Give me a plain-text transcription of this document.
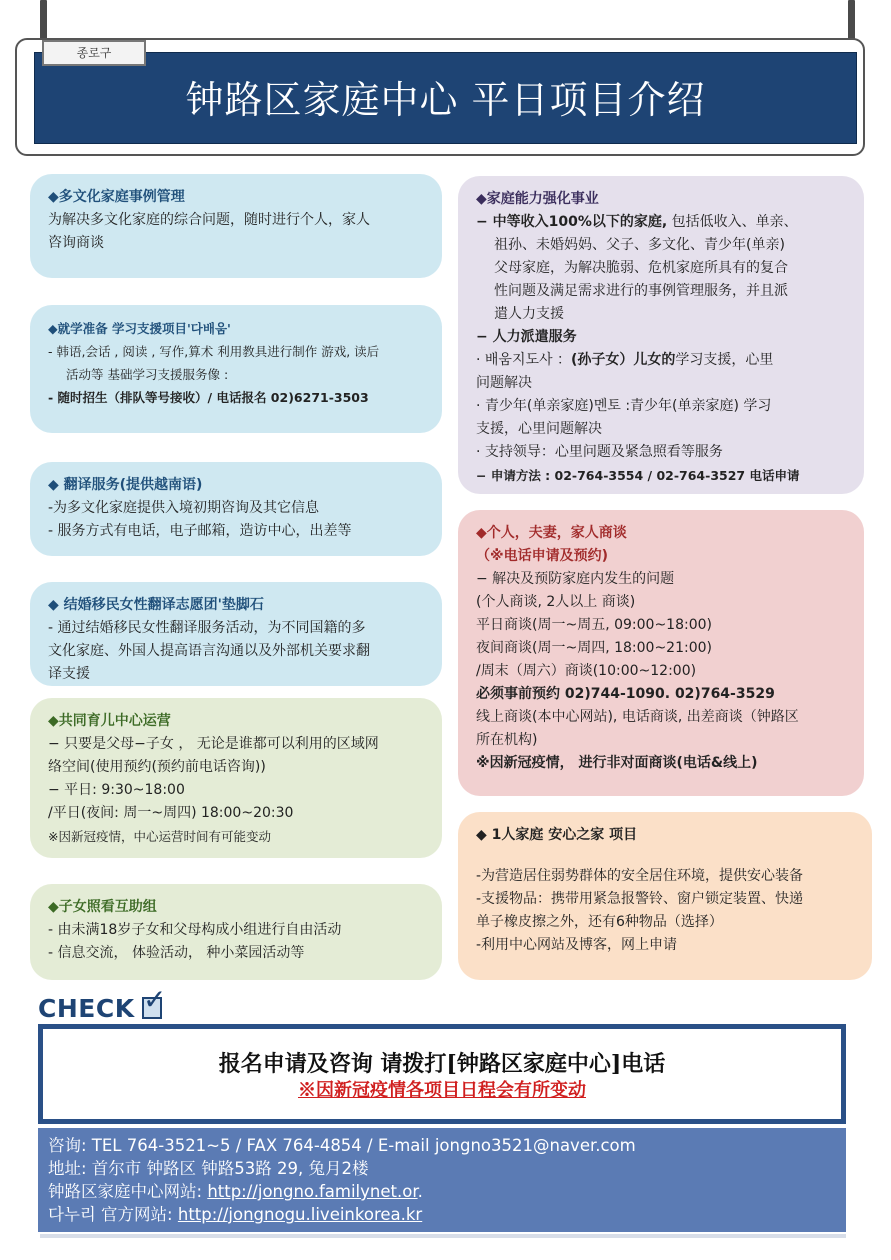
종로구
钟路区家庭中心 平日项目介绍
◆多文化家庭事例管理
为解决多文化家庭的综合问题，随时进行个人，家人
咨询商谈
◆就学准备 学习支援项目'다배움'
- 韩语,会话 , 阅读 , 写作,算术 利用教具进行制作 游戏, 读后
活动等 基础学习支援服务像 :
- 随时招生（排队等号接收）/ 电话报名 02)6271-3503
◆ 翻译服务(提供越南语)
-为多文化家庭提供入境初期咨询及其它信息
- 服务方式有电话，电子邮箱，造访中心，出差等
◆ 结婚移民女性翻译志愿团'垫脚石
- 通过结婚移民女性翻译服务活动，为不同国籍的多
文化家庭、外国人提高语言沟通以及外部机关要求翻
译支援
◆共同育儿中心运营
− 只要是父母−子女 ， 无论是谁都可以利用的区域网
络空间(使用预约(预约前电话咨询))
− 平日: 9:30~18:00
/平日(夜间: 周一~周四) 18:00~20:30
※因新冠疫情，中心运营时间有可能变动
◆子女照看互助组
- 由未满18岁子女和父母构成小组进行自由活动
- 信息交流， 体验活动， 种小菜园活动等
◆家庭能力强化事业
− 中等收入100%以下的家庭, 包括低收入、单亲、
祖孙、未婚妈妈、父子、多文化、青少年(单亲)
父母家庭，为解决脆弱、危机家庭所具有的复合
性问题及满足需求进行的事例管理服务，并且派
遣人力支援
− 人力派遣服务
· 배움지도사 ：(孙子女）儿女的学习支援，心里
问题解决
· 青少年(单亲家庭)멘토 :青少年(单亲家庭) 学习
支援，心里问题解决
· 支持领导：心里问题及紧急照看等服务
− 申请方法 : 02-764-3554 / 02-764-3527 电话申请
◆个人，夫妻，家人商谈
（※电话申请及预约)
− 解决及预防家庭内发生的问题
(个人商谈, 2人以上 商谈)
平日商谈(周一~周五, 09:00~18:00)
夜间商谈(周一~周四, 18:00~21:00)
/周末（周六）商谈(10:00~12:00)
必须事前预约 02)744-1090. 02)764-3529
线上商谈(本中心网站), 电话商谈, 出差商谈（钟路区
所在机构)
※因新冠疫情， 进行非对面商谈(电话&线上)
◆ 1人家庭 安心之家 项目
-为营造居住弱势群体的安全居住环境，提供安心装备
-支援物品：携带用紧急报警铃、窗户锁定装置、快递
单子橡皮擦之外，还有6种物品（选择）
-利用中心网站及博客，网上申请
CHECK ✓
报名申请及咨询 请拨打[钟路区家庭中心]电话
※因新冠疫情各项目日程会有所变动
咨询: TEL 764-3521~5 / FAX 764-4854 / E-mail jongno3521@naver.com
地址: 首尔市 钟路区 钟路53路 29, 兔月2楼
钟路区家庭中心网站: http://jongno.familynet.or.
다누리 官方网站: http://jongnogu.liveinkorea.kr
